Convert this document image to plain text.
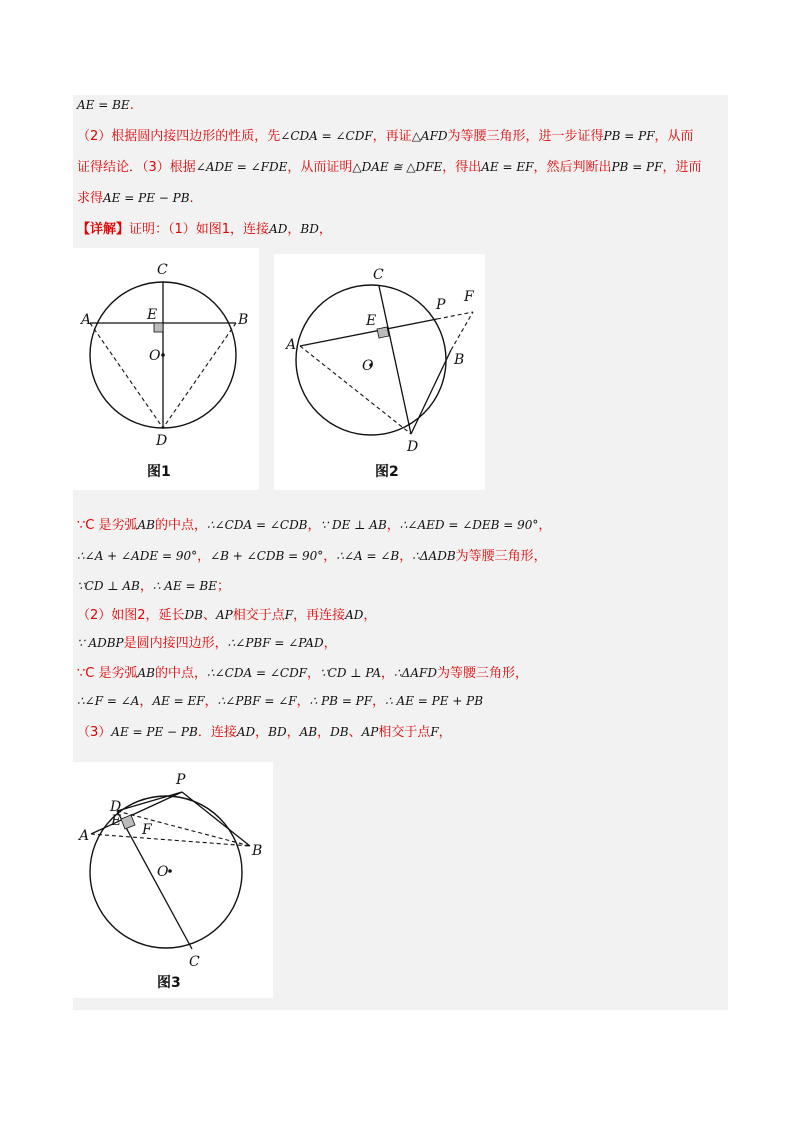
AE = BE.
（2）根据圆内接四边形的性质，先∠CDA = ∠CDF，再证△AFD为等腰三角形，进一步证得PB = PF，从而
证得结论．（3）根据∠ADE = ∠FDE，从而证明△DAE ≅ △DFE，得出AE = EF，然后判断出PB = PF，进而
求得AE = PE − PB.
【详解】证明：（1）如图1，连接AD，BD，
C
E
A	B
O
D
图1
C
P F
E
A
B
O
D
图2
∵C 是劣弧AB的中点，∴∠CDA = ∠CDB，∵ DE ⊥ AB，∴∠AED = ∠DEB = 90°，
∴∠A + ∠ADE = 90°，∠B + ∠CDB = 90°，∴∠A = ∠B，∴ΔADB为等腰三角形，
∵CD ⊥ AB，∴ AE = BE；
（2）如图2，延长DB、AP相交于点F，再连接AD，
∵ ADBP是圆内接四边形，∴∠PBF = ∠PAD，
∵C 是劣弧AB的中点，∴∠CDA = ∠CDF，∵CD ⊥ PA，∴ΔAFD为等腰三角形，
∴∠F = ∠A，AE = EF，∴∠PBF = ∠F，∴ PB = PF，∴ AE = PE + PB
（3）AE = PE − PB．连接AD，BD，AB，DB、AP相交于点F，
P
D
E
F
A
B
O
C
图3
